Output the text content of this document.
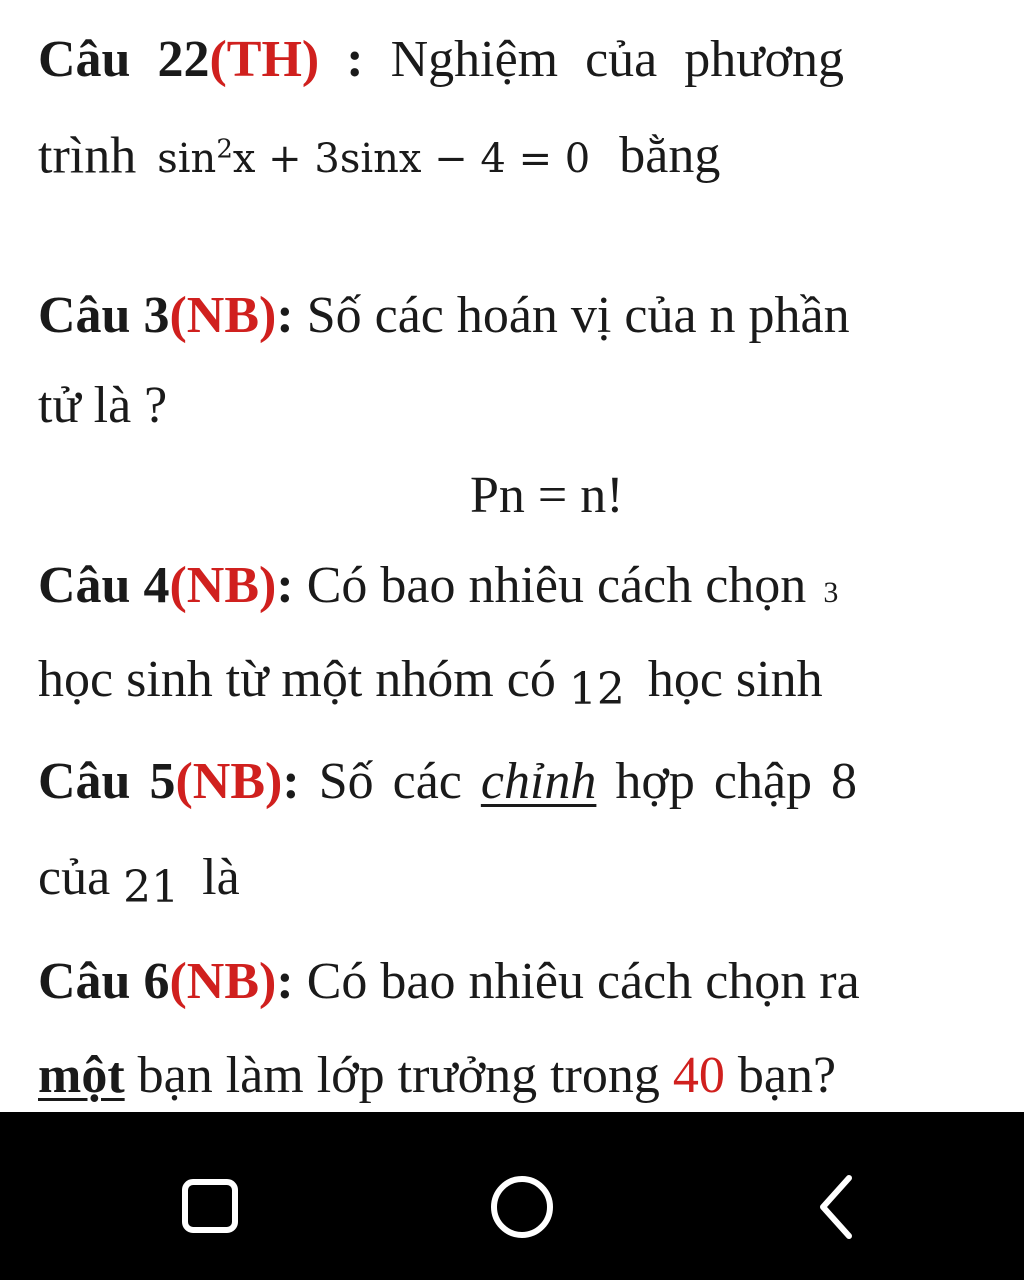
Câu 22(TH) : Nghiệm của phương
trình $\sin^2x + 3\sin x - 4 = 0$ bằng
Câu 3(NB): Số các hoán vị của n phần
tử là ?
Pn = n!
Câu 4(NB): Có bao nhiêu cách chọn 3
học sinh từ một nhóm có 12 học sinh
Câu 5(NB): Số các chỉnh hợp chập 8
của 21 là
Câu 6(NB): Có bao nhiêu cách chọn ra
một bạn làm lớp trưởng trong 40 bạn?
